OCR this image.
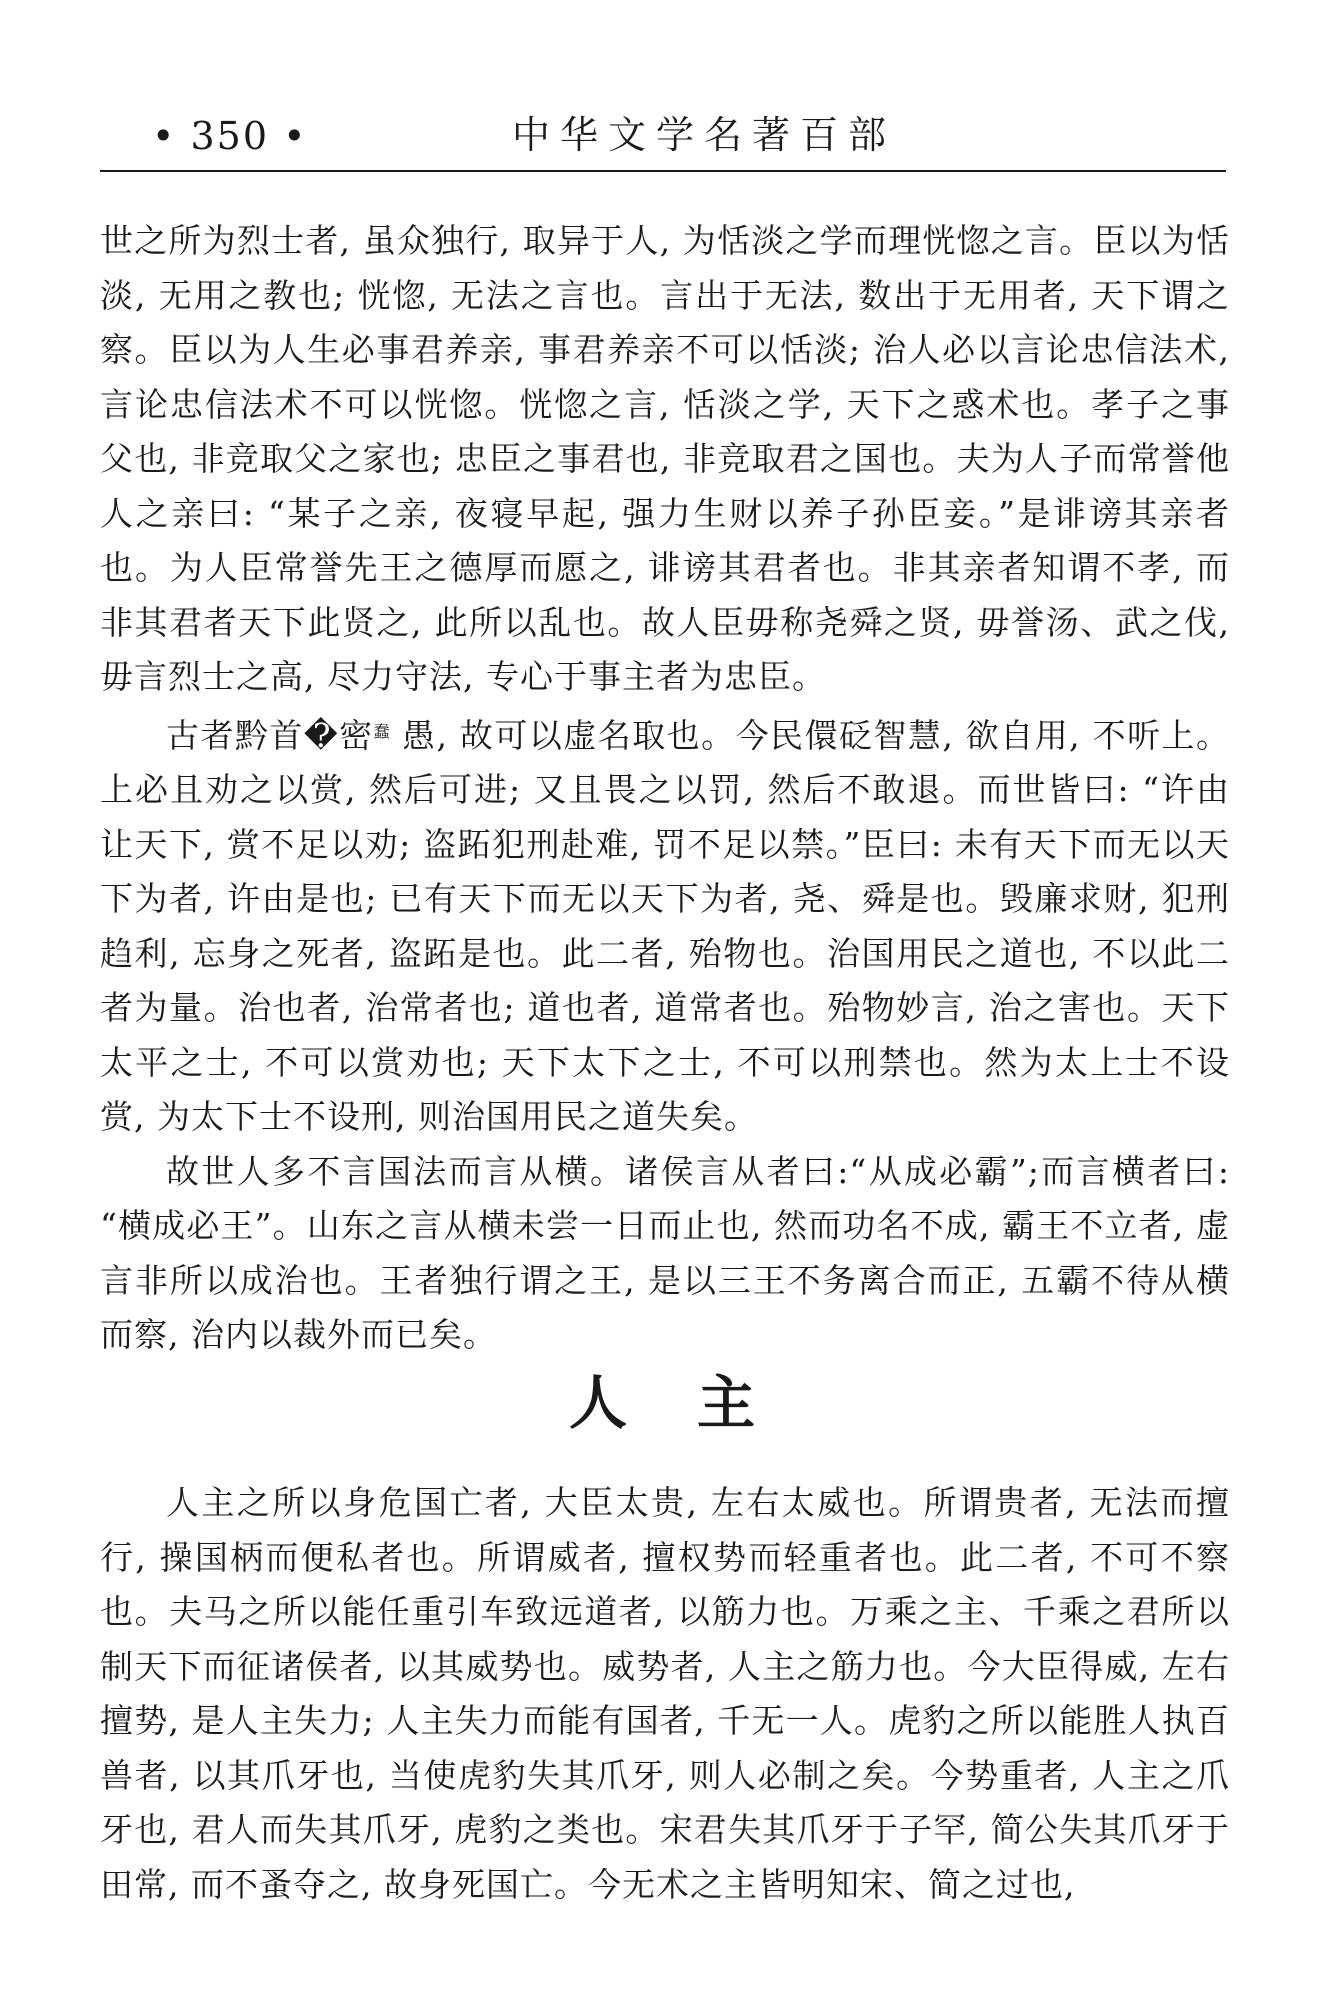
• 350 •	中华文学名著百部

世之所为烈士者, 虽众独行, 取异于人, 为恬淡之学而理恍惚之言。臣以为恬淡, 无用之教也; 恍惚, 无法之言也。言出于无法, 数出于无用者, 天下谓之察。臣以为人生必事君养亲, 事君养亲不可以恬淡; 治人必以言论忠信法术, 言论忠信法术不可以恍惚。恍惚之言, 恬淡之学, 天下之惑术也。孝子之事父也, 非竞取父之家也; 忠臣之事君也, 非竞取君之国也。夫为人子而常誉他人之亲曰: “某子之亲, 夜寝早起, 强力生财以养子孙臣妾。”是诽谤其亲者也。为人臣常誉先王之德厚而愿之, 诽谤其君者也。非其亲者知谓不孝, 而非其君者天下此贤之, 此所以乱也。故人臣毋称尧舜之贤, 毋誉汤、武之伐, 毋言烈士之高, 尽力守法, 专心于事主者为忠臣。

古者黔首�密$^蠢$ 愚, 故可以虚名取也。今民儇砭智慧, 欲自用, 不听上。上必且劝之以赏, 然后可进; 又且畏之以罚, 然后不敢退。而世皆曰: “许由让天下, 赏不足以劝; 盗跖犯刑赴难, 罚不足以禁。”臣曰: 未有天下而无以天下为者, 许由是也; 已有天下而无以天下为者, 尧、舜是也。毁廉求财, 犯刑趋利, 忘身之死者, 盗跖是也。此二者, 殆物也。治国用民之道也, 不以此二者为量。治也者, 治常者也; 道也者, 道常者也。殆物妙言, 治之害也。天下太平之士, 不可以赏劝也; 天下太下之士, 不可以刑禁也。然为太上士不设赏, 为太下士不设刑, 则治国用民之道失矣。

故世人多不言国法而言从横。诸侯言从者曰:“从成必霸”;而言横者曰: “横成必王”。山东之言从横未尝一日而止也, 然而功名不成, 霸王不立者, 虚言非所以成治也。王者独行谓之王, 是以三王不务离合而正, 五霸不待从横而察, 治内以裁外而已矣。

人主

人主之所以身危国亡者, 大臣太贵, 左右太威也。所谓贵者, 无法而擅行, 操国柄而便私者也。所谓威者, 擅权势而轻重者也。此二者, 不可不察也。夫马之所以能任重引车致远道者, 以筋力也。万乘之主、千乘之君所以制天下而征诸侯者, 以其威势也。威势者, 人主之筋力也。今大臣得威, 左右擅势, 是人主失力; 人主失力而能有国者, 千无一人。虎豹之所以能胜人执百兽者, 以其爪牙也, 当使虎豹失其爪牙, 则人必制之矣。今势重者, 人主之爪牙也, 君人而失其爪牙, 虎豹之类也。宋君失其爪牙于子罕, 简公失其爪牙于田常, 而不蚤夺之, 故身死国亡。今无术之主皆明知宋、简之过也,
